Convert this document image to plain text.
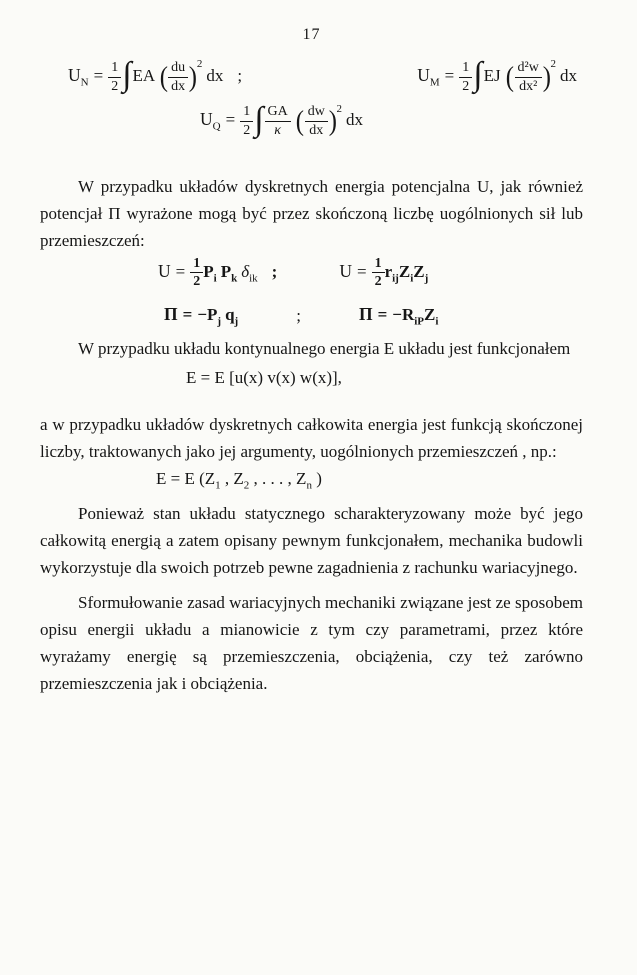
17
$U_N = \frac{1}{2} \int EA$ ( $\frac{du}{dx} )^2dx$ ;	$U_M = \frac{1}{2} \int EJ$ ( $\frac{\text{d²w}}{\text{dx²}} )^2dx$
$U_Q = \frac{1}{2}$ ∫ $\frac{GA}{\kappa}$ ( $\frac{dw}{dx} )^2dx$

W przypadku układów dyskretnych energia potencjalna U, jak również potencjał Π wyrażone mogą być przez skończoną liczbę uogólnionych sił lub przemieszczeń:

$U = \frac{1}{2} P_i$ $P_k$ $\delta_{ik}$ ;	$U = \frac{1}{2} r_{ij}Z_iZ_j$
$\Pi = -P_j$ $q_j$	;	$\Pi = -R_{iP}Z_i$

W przypadku układu kontynualnego energia E układu jest funkcjonałem

E = E [u(x) v(x) w(x)],

a w przypadku układów dyskretnych całkowita energia jest funkcją skończonej liczby, traktowanych jako jej argumenty, uogólnionych przemieszczeń , np.:

E = E ($Z_1$ , $Z_2$ , . . . , $Z_n$ )

Ponieważ stan układu statycznego scharakteryzowany może być jego całkowitą energią a zatem opisany pewnym funkcjonałem, mechanika budowli wykorzystuje dla swoich potrzeb pewne zagadnienia z rachunku wariacyjnego.

Sformułowanie zasad wariacyjnych mechaniki związane jest ze sposobem opisu energii układu a mianowicie z tym czy parametrami, przez które wyrażamy energię są przemieszczenia, obciążenia, czy też zarówno przemieszczenia jak i obciążenia.
